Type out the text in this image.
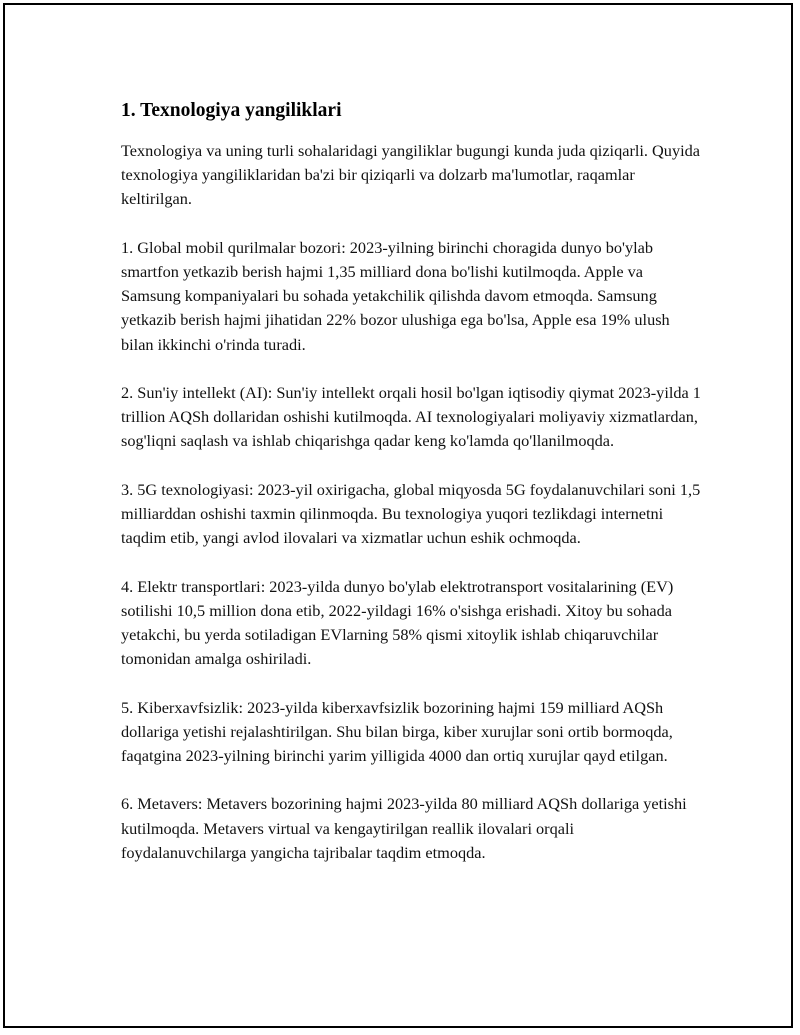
1. Texnologiya yangiliklari

Texnologiya va uning turli sohalaridagi yangiliklar bugungi kunda juda qiziqarli. Quyida texnologiya yangiliklaridan ba'zi bir qiziqarli va dolzarb ma'lumotlar, raqamlar keltirilgan.

1. Global mobil qurilmalar bozori: 2023-yilning birinchi choragida dunyo bo'ylab smartfon yetkazib berish hajmi 1,35 milliard dona bo'lishi kutilmoqda. Apple va Samsung kompaniyalari bu sohada yetakchilik qilishda davom etmoqda. Samsung yetkazib berish hajmi jihatidan 22% bozor ulushiga ega bo'lsa, Apple esa 19% ulush bilan ikkinchi o'rinda turadi.

2. Sun'iy intellekt (AI): Sun'iy intellekt orqali hosil bo'lgan iqtisodiy qiymat 2023-yilda 1 trillion AQSh dollaridan oshishi kutilmoqda. AI texnologiyalari moliyaviy xizmatlardan, sog'liqni saqlash va ishlab chiqarishga qadar keng ko'lamda qo'llanilmoqda.

3. 5G texnologiyasi: 2023-yil oxirigacha, global miqyosda 5G foydalanuvchilari soni 1,5 milliarddan oshishi taxmin qilinmoqda. Bu texnologiya yuqori tezlikdagi internetni taqdim etib, yangi avlod ilovalari va xizmatlar uchun eshik ochmoqda.

4. Elektr transportlari: 2023-yilda dunyo bo'ylab elektrotransport vositalarining (EV) sotilishi 10,5 million dona etib, 2022-yildagi 16% o'sishga erishadi. Xitoy bu sohada yetakchi, bu yerda sotiladigan EVlarning 58% qismi xitoylik ishlab chiqaruvchilar tomonidan amalga oshiriladi.

5. Kiberxavfsizlik: 2023-yilda kiberxavfsizlik bozorining hajmi 159 milliard AQSh dollariga yetishi rejalashtirilgan. Shu bilan birga, kiber xurujlar soni ortib bormoqda, faqatgina 2023-yilning birinchi yarim yilligida 4000 dan ortiq xurujlar qayd etilgan.

6. Metavers: Metavers bozorining hajmi 2023-yilda 80 milliard AQSh dollariga yetishi kutilmoqda. Metavers virtual va kengaytirilgan reallik ilovalari orqali foydalanuvchilarga yangicha tajribalar taqdim etmoqda.
